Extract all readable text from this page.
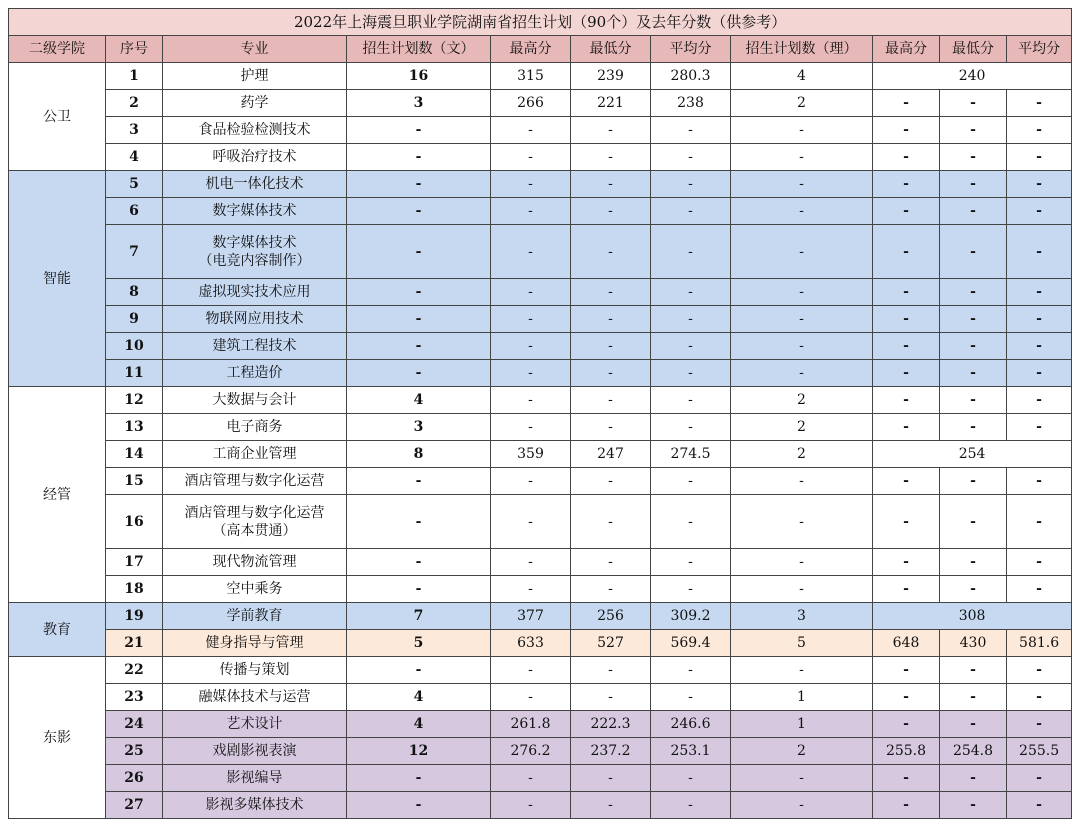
2022年上海震旦职业学院湖南省招生计划（90个）及去年分数（供参考）										
二级学院	序号	专业	招生计划数（文）	最高分	最低分	平均分	招生计划数（理）	最高分	最低分	平均分
公卫	1	护理	16	315	239	280.3	4	240		
	2	药学	3	266	221	238	2	-	-	-
	3	食品检验检测技术	-	-	-	-	-	-	-	-
	4	呼吸治疗技术	-	-	-	-	-	-	-	-
智能	5	机电一体化技术	-	-	-	-	-	-	-	-
	6	数字媒体技术	-	-	-	-	-	-	-	-
	7	数字媒体技术
（电竞内容制作）	-	-	-	-	-	-	-	-
	8	虚拟现实技术应用	-	-	-	-	-	-	-	-
	9	物联网应用技术	-	-	-	-	-	-	-	-
	10	建筑工程技术	-	-	-	-	-	-	-	-
	11	工程造价	-	-	-	-	-	-	-	-
经管	12	大数据与会计	4	-	-	-	2	-	-	-
	13	电子商务	3	-	-	-	2	-	-	-
	14	工商企业管理	8	359	247	274.5	2	254		
	15	酒店管理与数字化运营	-	-	-	-	-	-	-	-
	16	酒店管理与数字化运营
（高本贯通）	-	-	-	-	-	-	-	-
	17	现代物流管理	-	-	-	-	-	-	-	-
	18	空中乘务	-	-	-	-	-	-	-	-
教育	19	学前教育	7	377	256	309.2	3	308		
	21	健身指导与管理	5	633	527	569.4	5	648	430	581.6
东影	22	传播与策划	-	-	-	-	-	-	-	-
	23	融媒体技术与运营	4	-	-	-	1	-	-	-
	24	艺术设计	4	261.8	222.3	246.6	1	-	-	-
	25	戏剧影视表演	12	276.2	237.2	253.1	2	255.8	254.8	255.5
	26	影视编导	-	-	-	-	-	-	-	-
	27	影视多媒体技术	-	-	-	-	-	-	-	-
